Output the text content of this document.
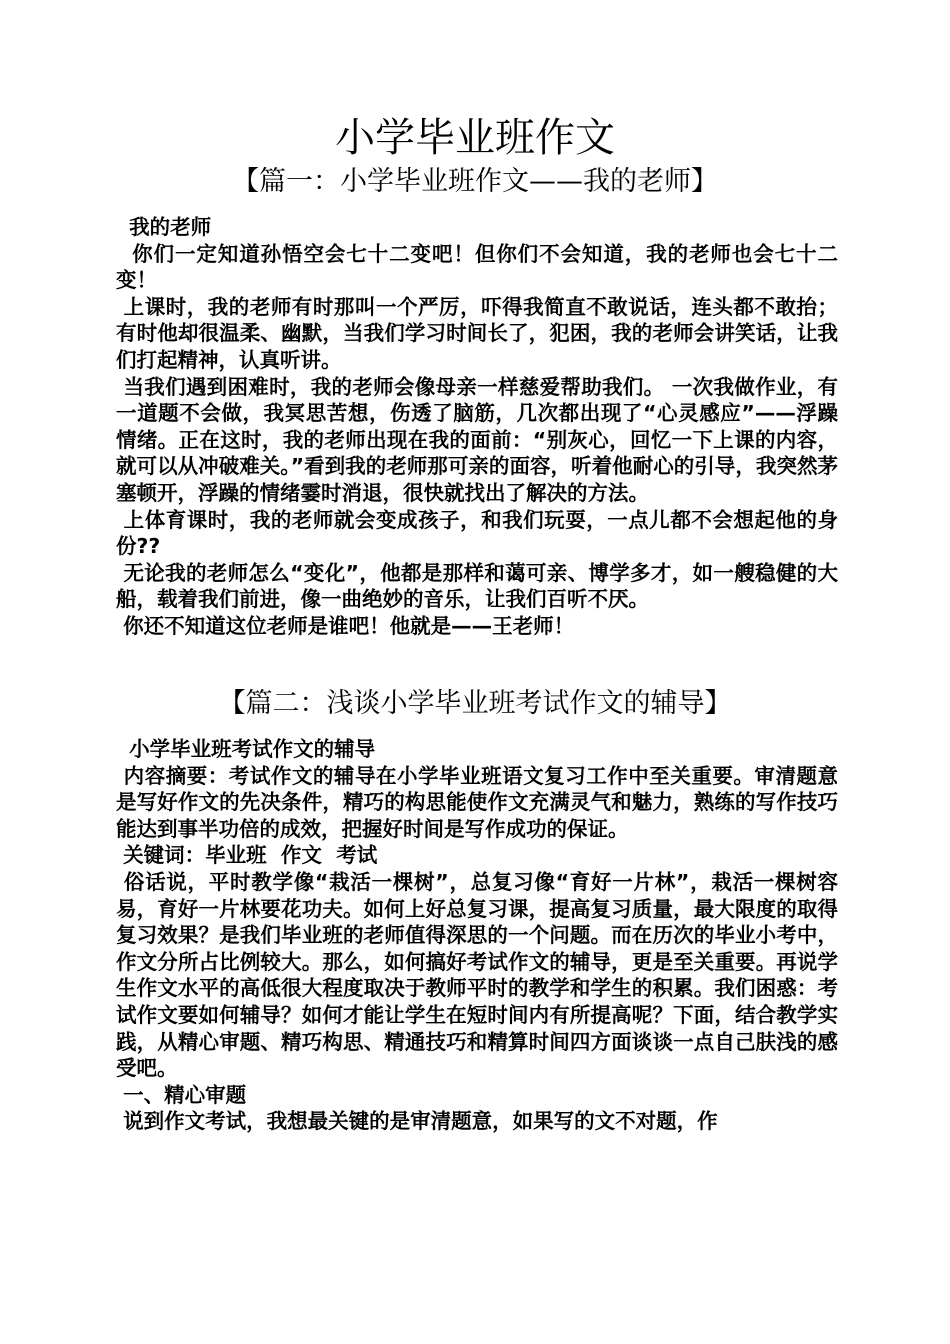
小学毕业班作文
【篇一：小学毕业班作文——我的老师】

我的老师

你们一定知道孙悟空会七十二变吧！但你们不会知道，我的老师也会七十二变！

上课时，我的老师有时那叫一个严厉，吓得我简直不敢说话，连头都不敢抬；有时他却很温柔、幽默，当我们学习时间长了，犯困，我的老师会讲笑话，让我们打起精神，认真听讲。

当我们遇到困难时，我的老师会像母亲一样慈爱帮助我们。 一次我做作业，有一道题不会做，我冥思苦想，伤透了脑筋，几次都出现了“心灵感应”——浮躁情绪。正在这时，我的老师出现在我的面前：“别灰心，回忆一下上课的内容，就可以从冲破难关。”看到我的老师那可亲的面容，听着他耐心的引导，我突然茅塞顿开，浮躁的情绪霎时消退，很快就找出了解决的方法。

上体育课时，我的老师就会变成孩子，和我们玩耍，一点儿都不会想起他的身份??

无论我的老师怎么“变化”，他都是那样和蔼可亲、博学多才，如一艘稳健的大船，载着我们前进，像一曲绝妙的音乐，让我们百听不厌。

你还不知道这位老师是谁吧！他就是——王老师！

【篇二：浅谈小学毕业班考试作文的辅导】

小学毕业班考试作文的辅导

内容摘要：考试作文的辅导在小学毕业班语文复习工作中至关重要。审清题意是写好作文的先决条件，精巧的构思能使作文充满灵气和魅力，熟练的写作技巧能达到事半功倍的成效，把握好时间是写作成功的保证。

关键词：毕业班  作文  考试

俗话说，平时教学像“栽活一棵树”，总复习像“育好一片林”，栽活一棵树容易，育好一片林要花功夫。如何上好总复习课，提高复习质量，最大限度的取得复习效果？是我们毕业班的老师值得深思的一个问题。而在历次的毕业小考中，作文分所占比例较大。那么，如何搞好考试作文的辅导，更是至关重要。再说学生作文水平的高低很大程度取决于教师平时的教学和学生的积累。我们困惑：考试作文要如何辅导？如何才能让学生在短时间内有所提高呢？下面，结合教学实践，从精心审题、精巧构思、精通技巧和精算时间四方面谈谈一点自己肤浅的感受吧。

一、精心审题

说到作文考试，我想最关键的是审清题意，如果写的文不对题，作
